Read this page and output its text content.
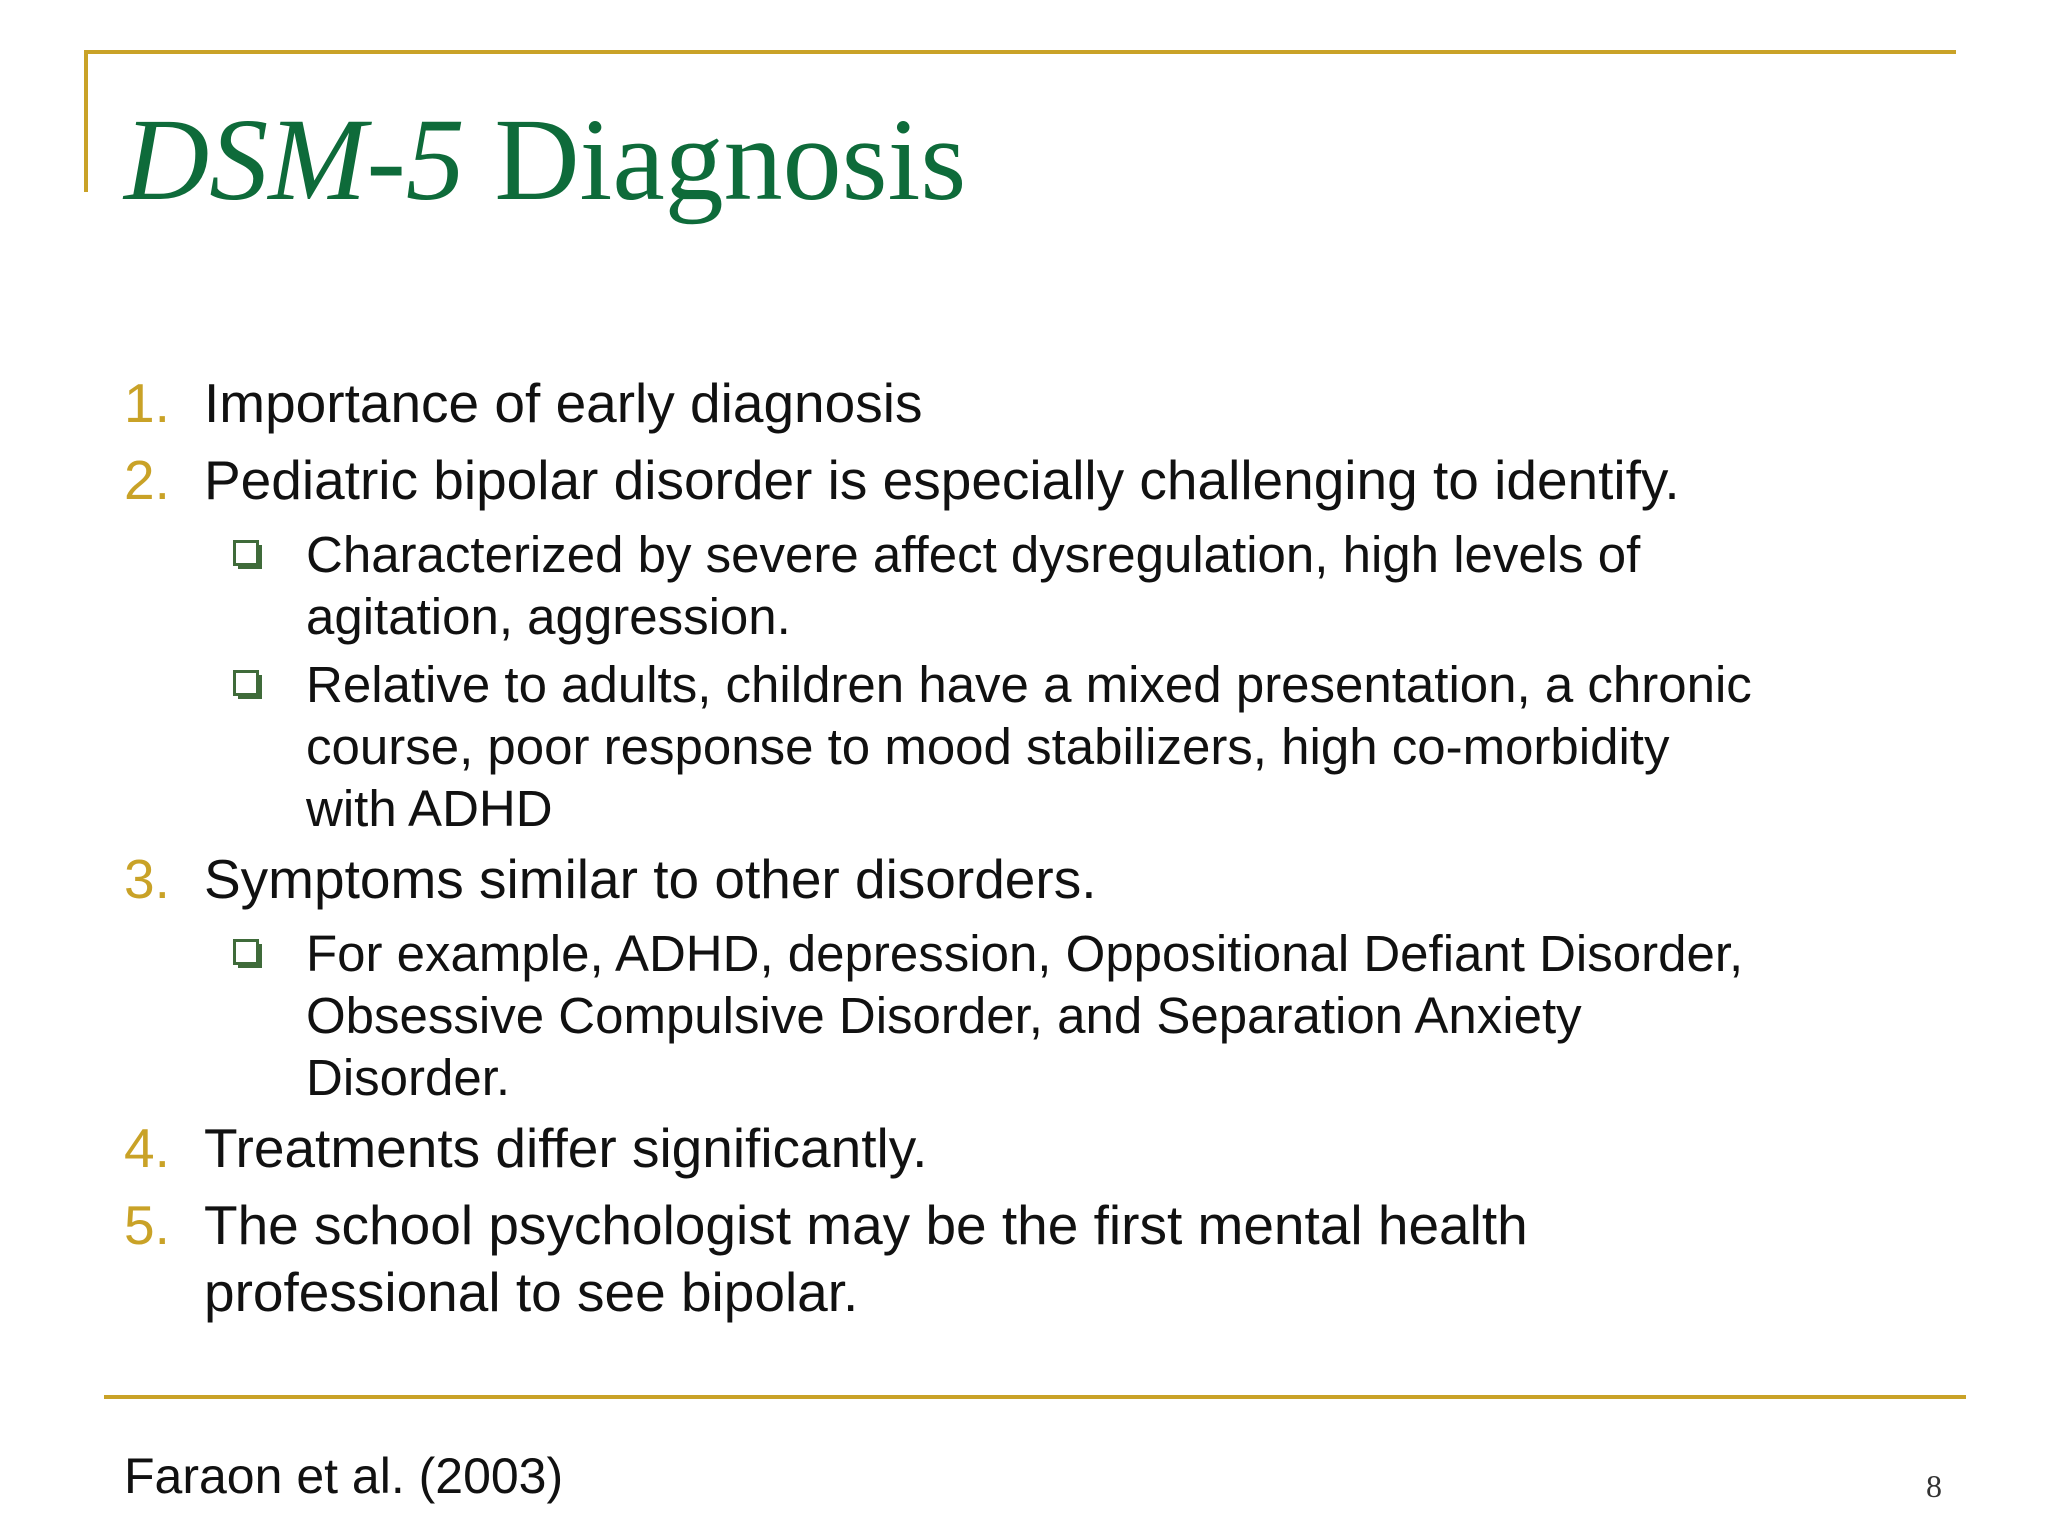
DSM-5 Diagnosis
1. Importance of early diagnosis
2. Pediatric bipolar disorder is especially challenging to identify.
Characterized by severe affect dysregulation, high levels of
agitation, aggression.
Relative to adults, children have a mixed presentation, a chronic
course, poor response to mood stabilizers, high co-morbidity
with ADHD
3. Symptoms similar to other disorders.
For example, ADHD, depression, Oppositional Defiant Disorder,
Obsessive Compulsive Disorder, and Separation Anxiety
Disorder.
4. Treatments differ significantly.
5. The school psychologist may be the first mental health
professional to see bipolar.
Faraon et al. (2003)	8
